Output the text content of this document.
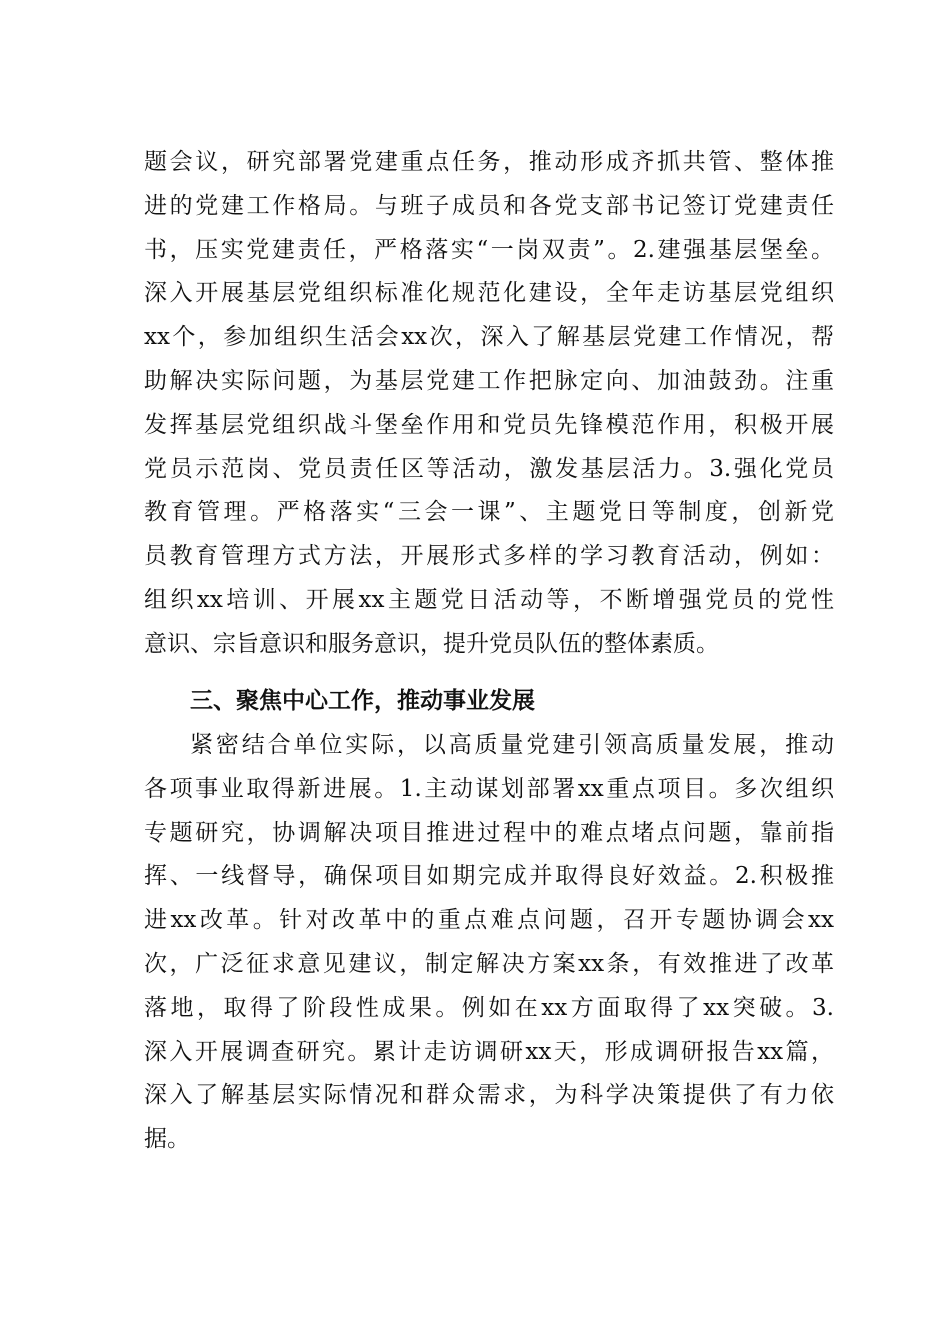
题会议，研究部署党建重点任务，推动形成齐抓共管、整体推
进的党建工作格局。与班子成员和各党支部书记签订党建责任
书，压实党建责任，严格落实“一岗双责”。2.建强基层堡垒。
深入开展基层党组织标准化规范化建设，全年走访基层党组织
xx个，参加组织生活会xx次，深入了解基层党建工作情况，帮
助解决实际问题，为基层党建工作把脉定向、加油鼓劲。注重
发挥基层党组织战斗堡垒作用和党员先锋模范作用，积极开展
党员示范岗、党员责任区等活动，激发基层活力。3.强化党员
教育管理。严格落实“三会一课”、主题党日等制度，创新党
员教育管理方式方法，开展形式多样的学习教育活动，例如：
组织xx培训、开展xx主题党日活动等，不断增强党员的党性
意识、宗旨意识和服务意识，提升党员队伍的整体素质。
三、聚焦中心工作，推动事业发展
紧密结合单位实际，以高质量党建引领高质量发展，推动
各项事业取得新进展。1.主动谋划部署xx重点项目。多次组织
专题研究，协调解决项目推进过程中的难点堵点问题，靠前指
挥、一线督导，确保项目如期完成并取得良好效益。2.积极推
进xx改革。针对改革中的重点难点问题，召开专题协调会xx
次，广泛征求意见建议，制定解决方案xx条，有效推进了改革
落地，取得了阶段性成果。例如在xx方面取得了xx突破。3.
深入开展调查研究。累计走访调研xx天，形成调研报告xx篇，
深入了解基层实际情况和群众需求，为科学决策提供了有力依
据。
